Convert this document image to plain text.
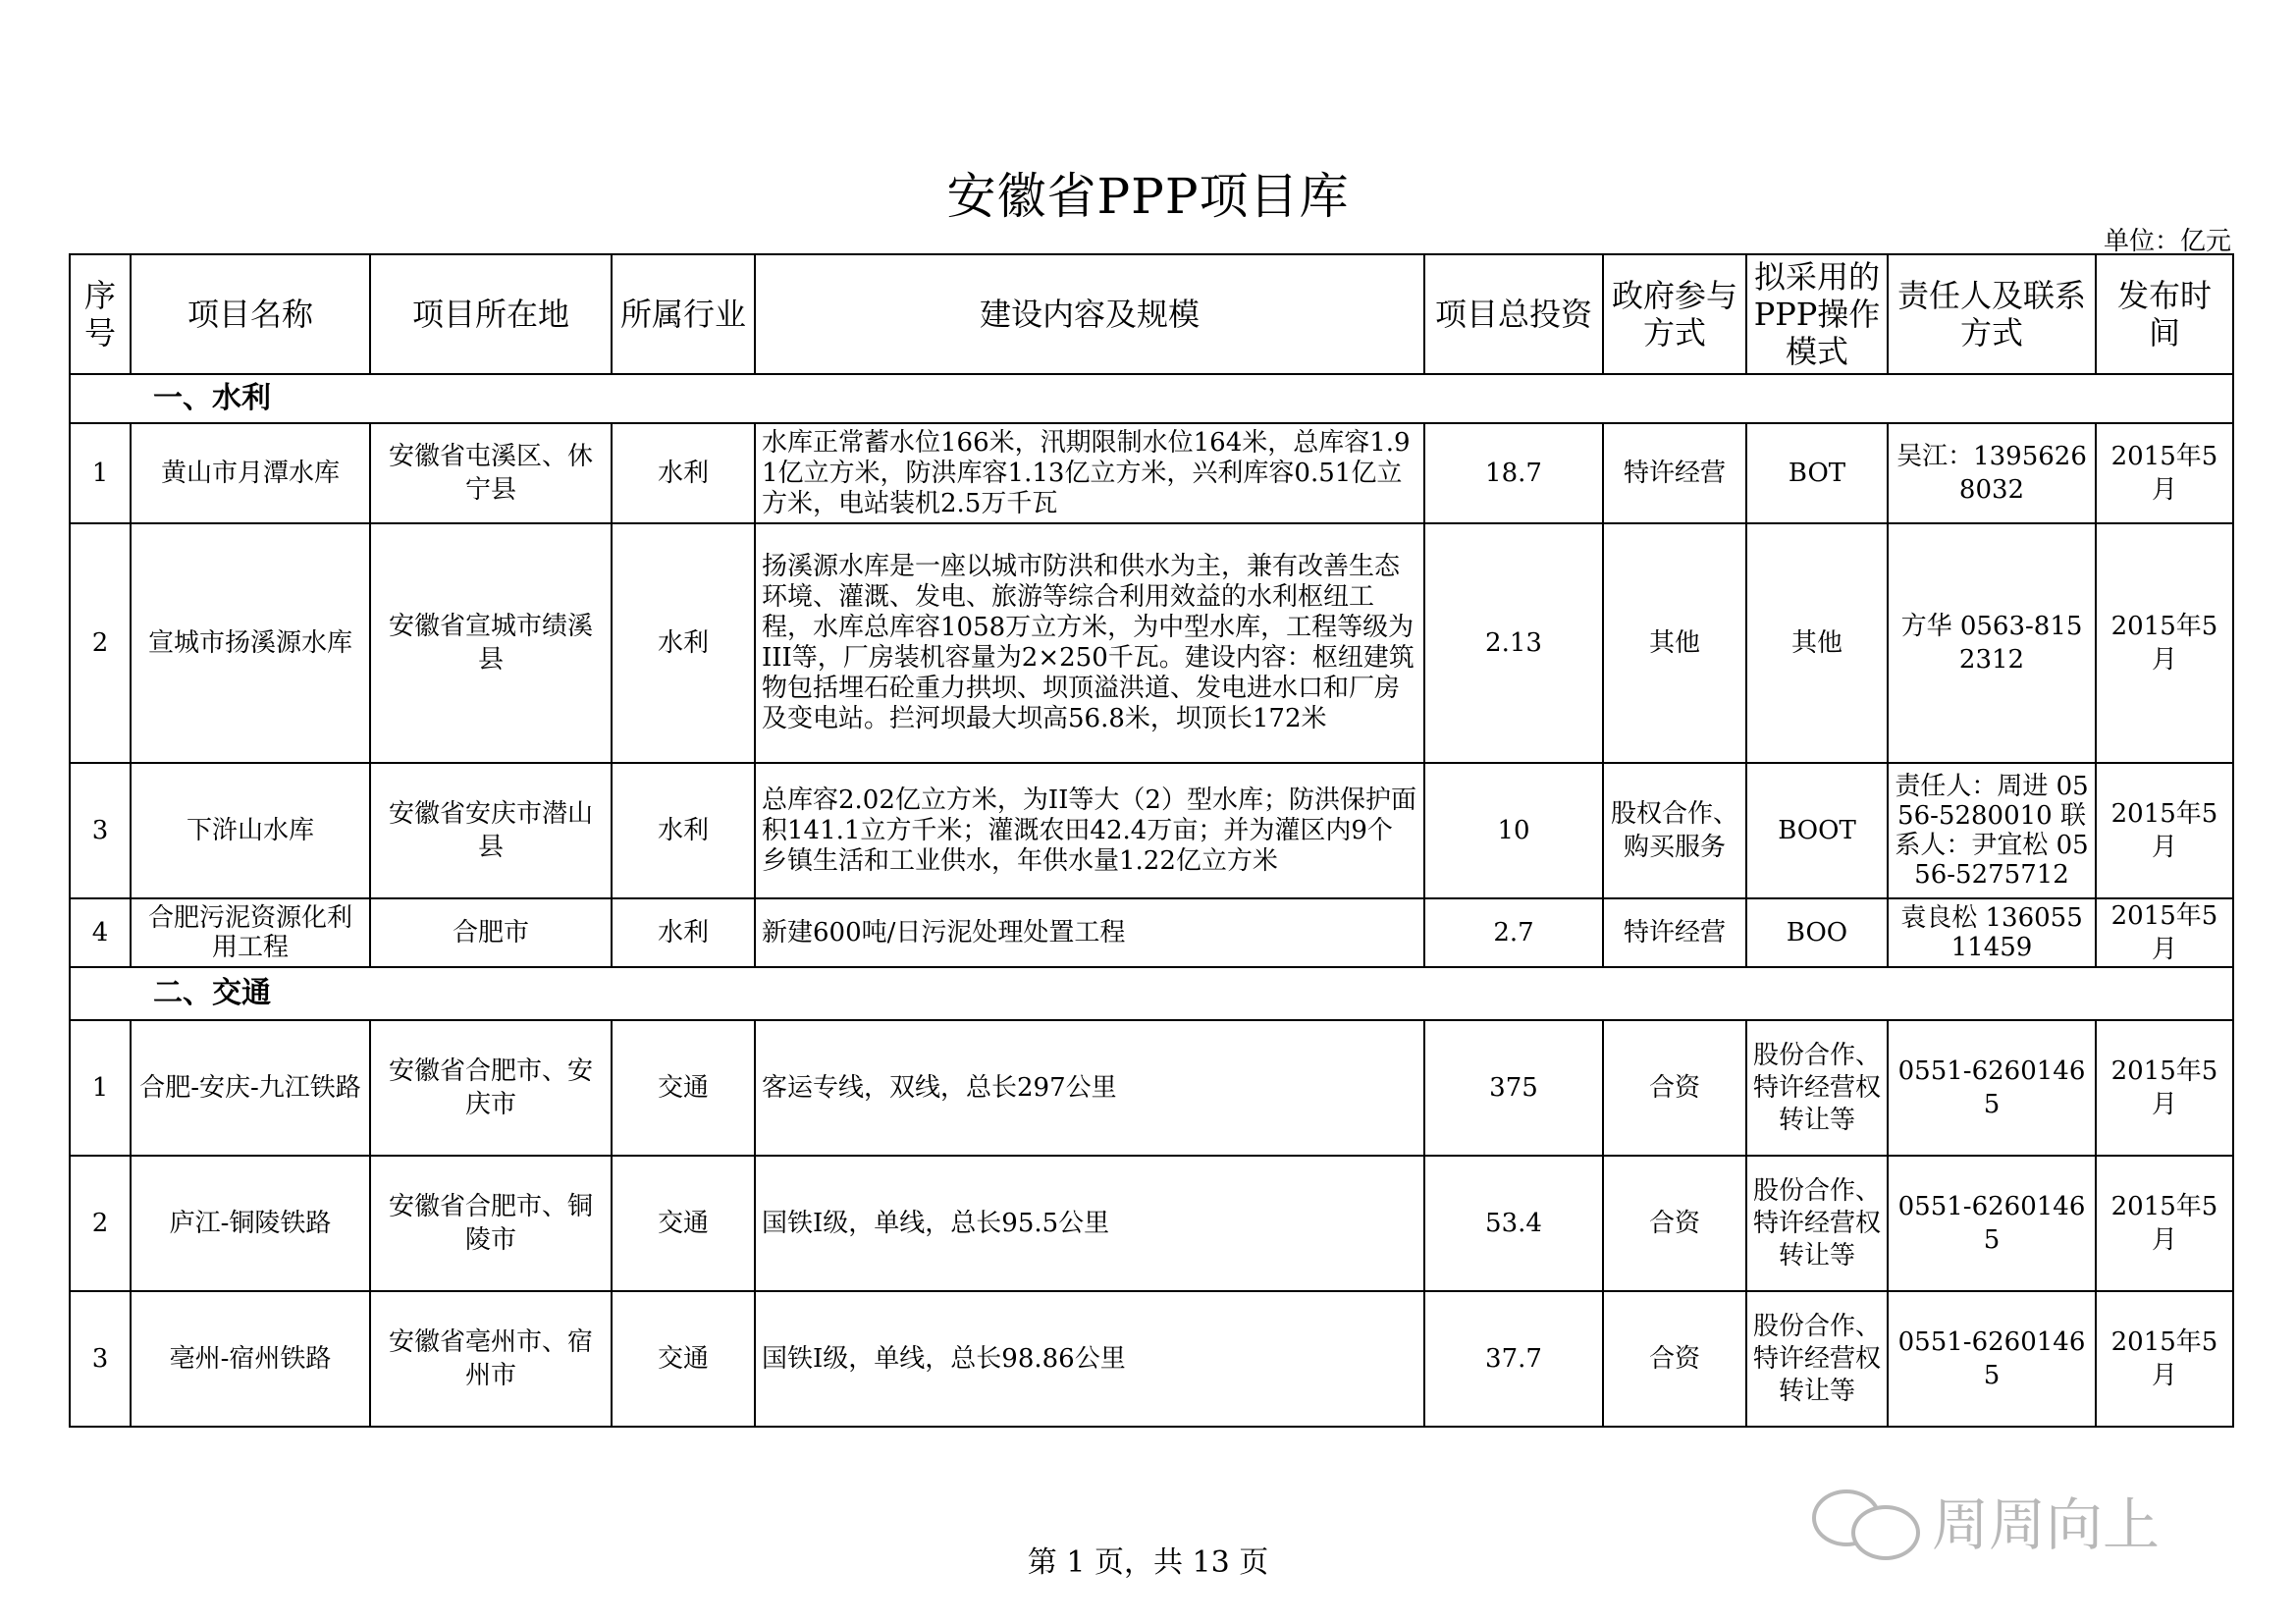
安徽省PPP项目库
单位：亿元
序号	项目名称	项目所在地	所属行业	建设内容及规模	项目总投资	政府参与方式	拟采用的PPP操作模式	责任人及联系方式	发布时间
一、水利									
1	黄山市月潭水库	安徽省屯溪区、休宁县	水利	水库正常蓄水位166米，汛期限制水位164米，总库容1.91亿立方米，防洪库容1.13亿立方米，兴利库容0.51亿立方米，电站装机2.5万千瓦	18.7	特许经营	BOT	吴江：13956268032	2015年5月
2	宣城市扬溪源水库	安徽省宣城市绩溪县	水利	扬溪源水库是一座以城市防洪和供水为主，兼有改善生态环境、灌溉、发电、旅游等综合利用效益的水利枢纽工程，水库总库容1058万立方米，为中型水库，工程等级为III等，厂房装机容量为2×250千瓦。建设内容：枢纽建筑物包括埋石砼重力拱坝、坝顶溢洪道、发电进水口和厂房及变电站。拦河坝最大坝高56.8米，坝顶长172米	2.13	其他	其他	方华 0563-8152312	2015年5月
3	下浒山水库	安徽省安庆市潜山县	水利	总库容2.02亿立方米，为II等大（2）型水库；防洪保护面积141.1立方千米；灌溉农田42.4万亩；并为灌区内9个乡镇生活和工业供水，年供水量1.22亿立方米	10	股权合作、购买服务	BOOT	责任人：周进 0556-5280010 联系人：尹宜松 0556-5275712	2015年5月
4	合肥污泥资源化利用工程	合肥市	水利	新建600吨/日污泥处理处置工程	2.7	特许经营	BOO	袁良松 13605511459	2015年5月
二、交通									
1	合肥-安庆-九江铁路	安徽省合肥市、安庆市	交通	客运专线，双线，总长297公里	375	合资	股份合作、特许经营权转让等	0551-62601465	2015年5月
2	庐江-铜陵铁路	安徽省合肥市、铜陵市	交通	国铁Ⅰ级，单线，总长95.5公里	53.4	合资	股份合作、特许经营权转让等	0551-62601465	2015年5月
3	亳州-宿州铁路	安徽省亳州市、宿州市	交通	国铁Ⅰ级，单线，总长98.86公里	37.7	合资	股份合作、特许经营权转让等	0551-62601465	2015年5月
第 1 页，共 13 页
周周向上
